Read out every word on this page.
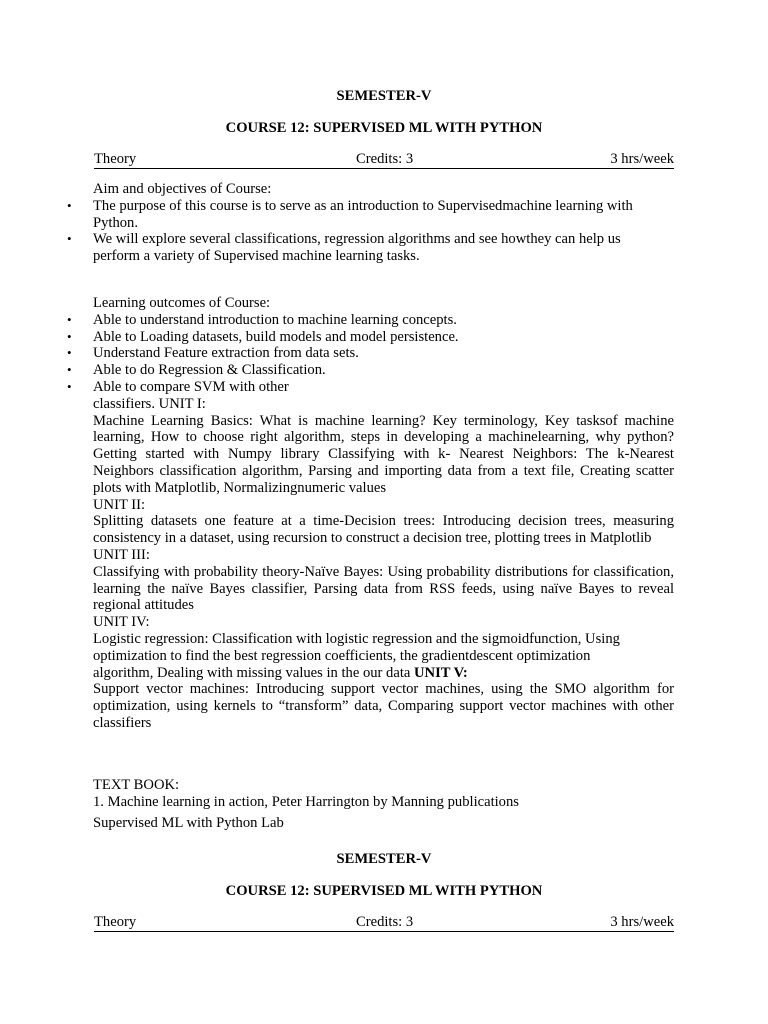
SEMESTER-V
COURSE 12: SUPERVISED ML WITH PYTHON
Theory	Credits: 3	3 hrs/week

Aim and objectives of Course:

• The purpose of this course is to serve as an introduction to Supervisedmachine learning with Python.
• We will explore several classifications, regression algorithms and see howthey can help us perform a variety of Supervised machine learning tasks.

Learning outcomes of Course:

• Able to understand introduction to machine learning concepts.
• Able to Loading datasets, build models and model persistence.
• Understand Feature extraction from data sets.
• Able to do Regression & Classification.
• Able to compare SVM with other

classifiers. UNIT I:

Machine Learning Basics: What is machine learning? Key terminology, Key tasksof machine learning, How to choose right algorithm, steps in developing a machinelearning, why python? Getting started with Numpy library Classifying with k- Nearest Neighbors: The k-Nearest Neighbors classification algorithm, Parsing and importing data from a text file, Creating scatter plots with Matplotlib, Normalizingnumeric values

UNIT II:

Splitting datasets one feature at a time-Decision trees: Introducing decision trees, measuring consistency in a dataset, using recursion to construct a decision tree, plotting trees in Matplotlib

UNIT III:

Classifying with probability theory-Naïve Bayes: Using probability distributions for classification, learning the naïve Bayes classifier, Parsing data from RSS feeds, using naïve Bayes to reveal regional attitudes

UNIT IV:

Logistic regression: Classification with logistic regression and the sigmoidfunction, Using
optimization to find the best regression coefficients, the gradientdescent optimization
algorithm, Dealing with missing values in the our data UNIT V:

Support vector machines: Introducing support vector machines, using the SMO algorithm for optimization, using kernels to “transform” data, Comparing support vector machines with other classifiers

TEXT BOOK:

1. Machine learning in action, Peter Harrington by Manning publications

Supervised ML with Python Lab

SEMESTER-V
COURSE 12: SUPERVISED ML WITH PYTHON
Theory	Credits: 3	3 hrs/week
